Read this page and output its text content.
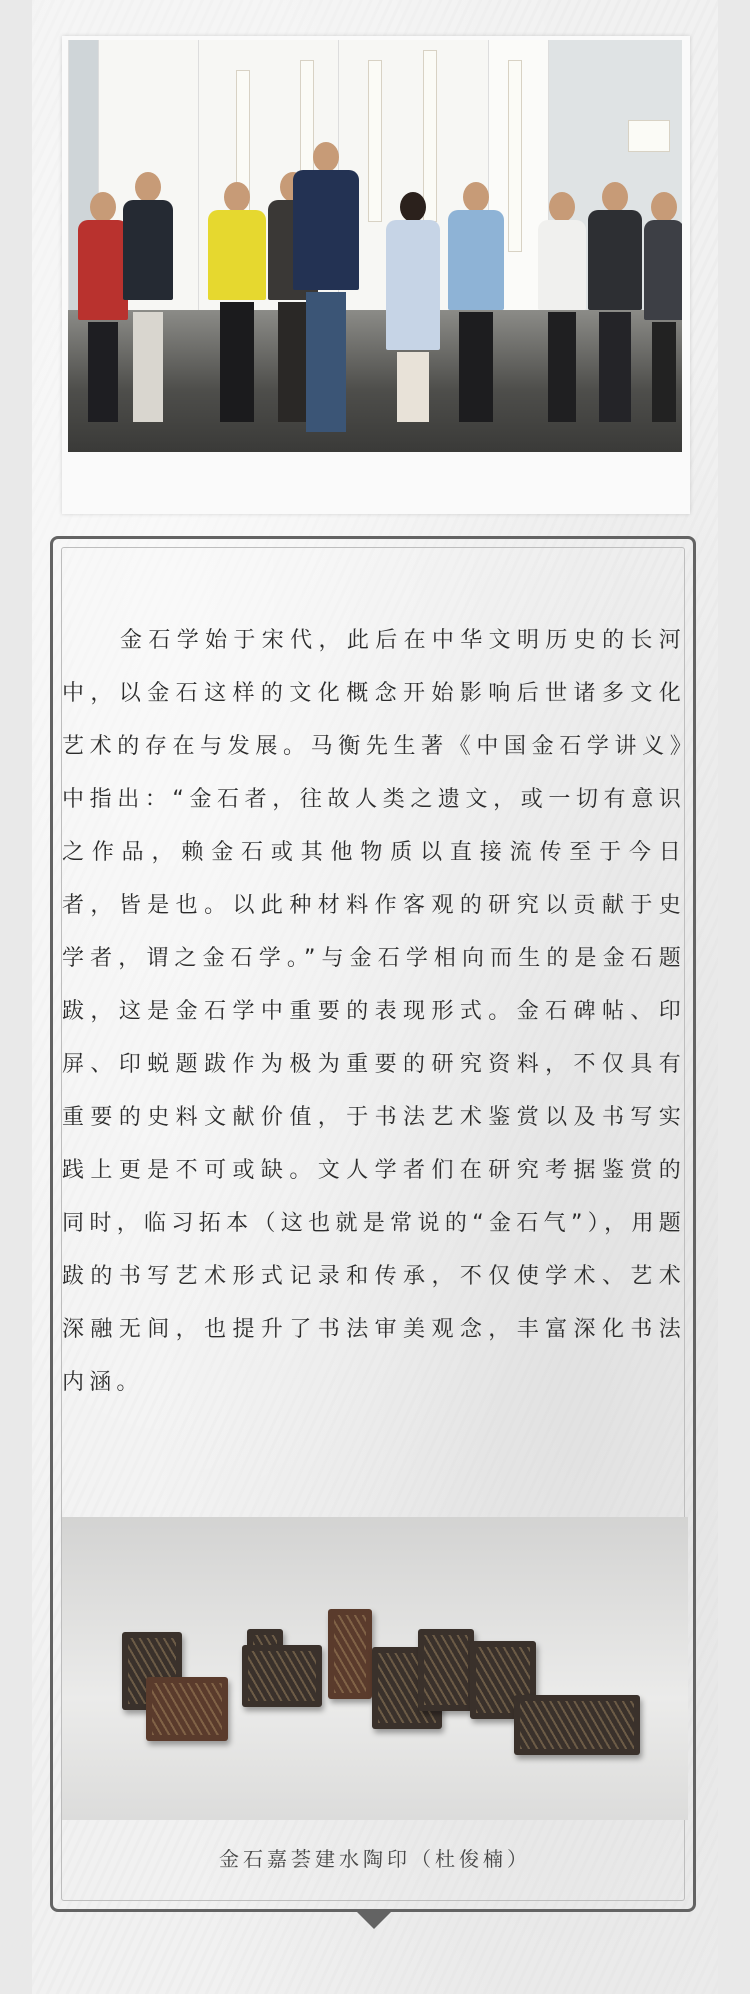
金石学始于宋代，此后在中华文明历史的长河中，以金石这样的文化概念开始影响后世诸多文化艺术的存在与发展。马衡先生著《中国金石学讲义》中指出：“金石者，往故人类之遗文，或一切有意识之作品，赖金石或其他物质以直接流传至于今日者，皆是也。以此种材料作客观的研究以贡献于史学者，谓之金石学。”与金石学相向而生的是金石题跋，这是金石学中重要的表现形式。金石碑帖、印屏、印蜕题跋作为极为重要的研究资料，不仅具有重要的史料文献价值，于书法艺术鉴赏以及书写实践上更是不可或缺。文人学者们在研究考据鉴赏的同时，临习拓本（这也就是常说的“金石气”），用题跋的书写艺术形式记录和传承，不仅使学术、艺术深融无间，也提升了书法审美观念，丰富深化书法内涵。

金石嘉荟建水陶印（杜俊楠）
